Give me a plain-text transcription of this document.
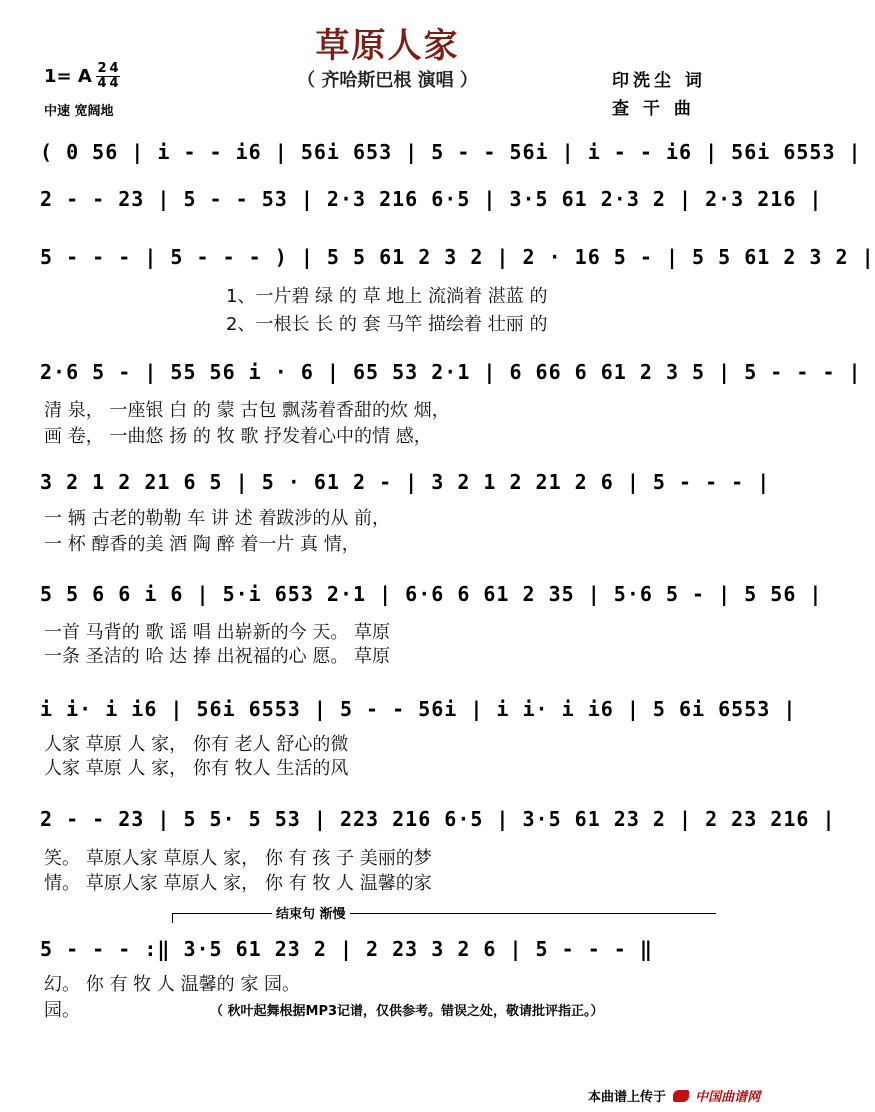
草原人家
（ 齐哈斯巴根 演唱 ）
1= A 2 4
4 4
中速 宽阔地
印洗尘 词
查 干 曲
( 0 56 | i - - i6 | 56i 653 | 5 - - 56i | i - - i6 | 56i 6553 |
2 - - 23 | 5 - - 53 | 2·3 216 6·5 | 3·5 61 2·3 2 | 2·3 216 |
5 - - - | 5 - - - ) | 5 5 61 2 3 2 | 2 · 16 5 - | 5 5 61 2 3 2 |
1、一片碧 绿 的 草 地上 流淌着 湛蓝 的
2、一根长 长 的 套 马竿 描绘着 壮丽 的
2·6 5 - | 55 56 i · 6 | 65 53 2·1 | 6 66 6 61 2 3 5 | 5 - - - |
清 泉， 一座银 白 的 蒙 古包 飘荡着香甜的炊 烟，
画 卷， 一曲悠 扬 的 牧 歌 抒发着心中的情 感，
3 2 1 2 21 6 5 | 5 · 61 2 - | 3 2 1 2 21 2 6 | 5 - - - |
一 辆 古老的勒勒 车 讲 述 着跋涉的从 前，
一 杯 醇香的美 酒 陶 醉 着一片 真 情，
5 5 6 6 i 6 | 5·i 653 2·1 | 6·6 6 61 2 35 | 5·6 5 - | 5 56 |
一首 马背的 歌 谣 唱 出崭新的今 天。 草原
一条 圣洁的 哈 达 捧 出祝福的心 愿。 草原
i i· i i6 | 56i 6553 | 5 - - 56i | i i· i i6 | 5 6i 6553 |
人家 草原 人 家， 你有 老人 舒心的微
人家 草原 人 家， 你有 牧人 生活的风
2 - - 23 | 5 5· 5 53 | 223 216 6·5 | 3·5 61 23 2 | 2 23 216 |
笑。 草原人家 草原人 家， 你 有 孩 子 美丽的梦
情。 草原人家 草原人 家， 你 有 牧 人 温馨的家
结束句 渐慢
5 - - - :‖ 3·5 61 23 2 | 2 23 3 2 6 | 5 - - - ‖
幻。 你 有 牧 人 温馨的 家 园。
园。	（ 秋叶起舞根据MP3记谱，仅供参考。错误之处，敬请批评指正。）
本曲谱上传于 中国曲谱网
